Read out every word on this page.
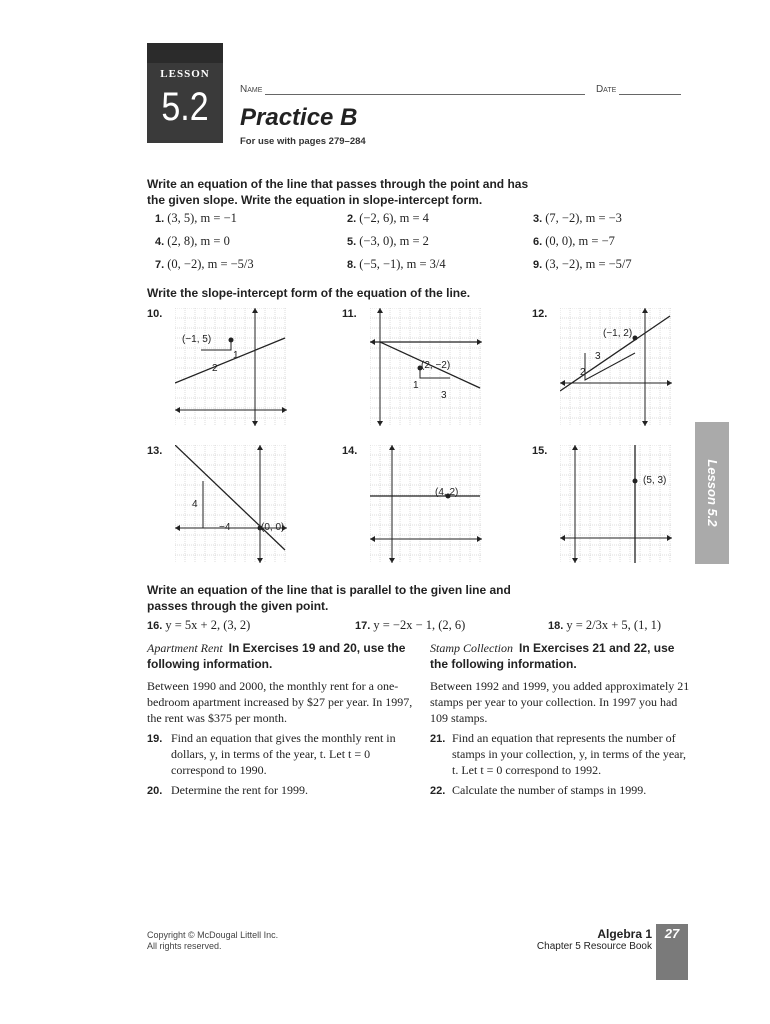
LESSON
5.2	Name	Date
Practice B
For use with pages 279–284
Write an equation of the line that passes through the point and has the given slope. Write the equation in slope-intercept form.
1. (3, 5), m = −1	2. (−2, 6), m = 4	3. (7, −2), m = −3
4. (2, 8), m = 0	5. (−3, 0), m = 2	6. (0, 0), m = −7
7. (0, −2), m = −5/3	8. (−5, −1), m = 3/4	9. (3, −2), m = −5/7
Write the slope-intercept form of the equation of the line.
10.
(−1, 5)
1
2
11.
(2, −2)
1
3
12.
(−1, 2)
3
2
13.
4
−4	(0, 0)
14.
(4, 2)
15.
(5, 3)
Write an equation of the line that is parallel to the given line and passes through the given point.
16. y = 5x + 2, (3, 2)	17. y = −2x − 1, (2, 6)	18. y = 2/3x + 5, (1, 1)
Apartment Rent In Exercises 19 and 20, use the following information.
Between 1990 and 2000, the monthly rent for a one-bedroom apartment increased by $27 per year. In 1997, the rent was $375 per month.
19. Find an equation that gives the monthly rent in dollars, y, in terms of the year, t. Let t = 0 correspond to 1990.
20. Determine the rent for 1999.
Stamp Collection In Exercises 21 and 22, use the following information.
Between 1992 and 1999, you added approximately 21 stamps per year to your collection. In 1997 you had 109 stamps.
21. Find an equation that represents the number of stamps in your collection, y, in terms of the year, t. Let t = 0 correspond to 1992.
22. Calculate the number of stamps in 1999.
Lesson 5.2
Copyright © McDougal Littell Inc.
All rights reserved.
Algebra 1
Chapter 5 Resource Book
27
